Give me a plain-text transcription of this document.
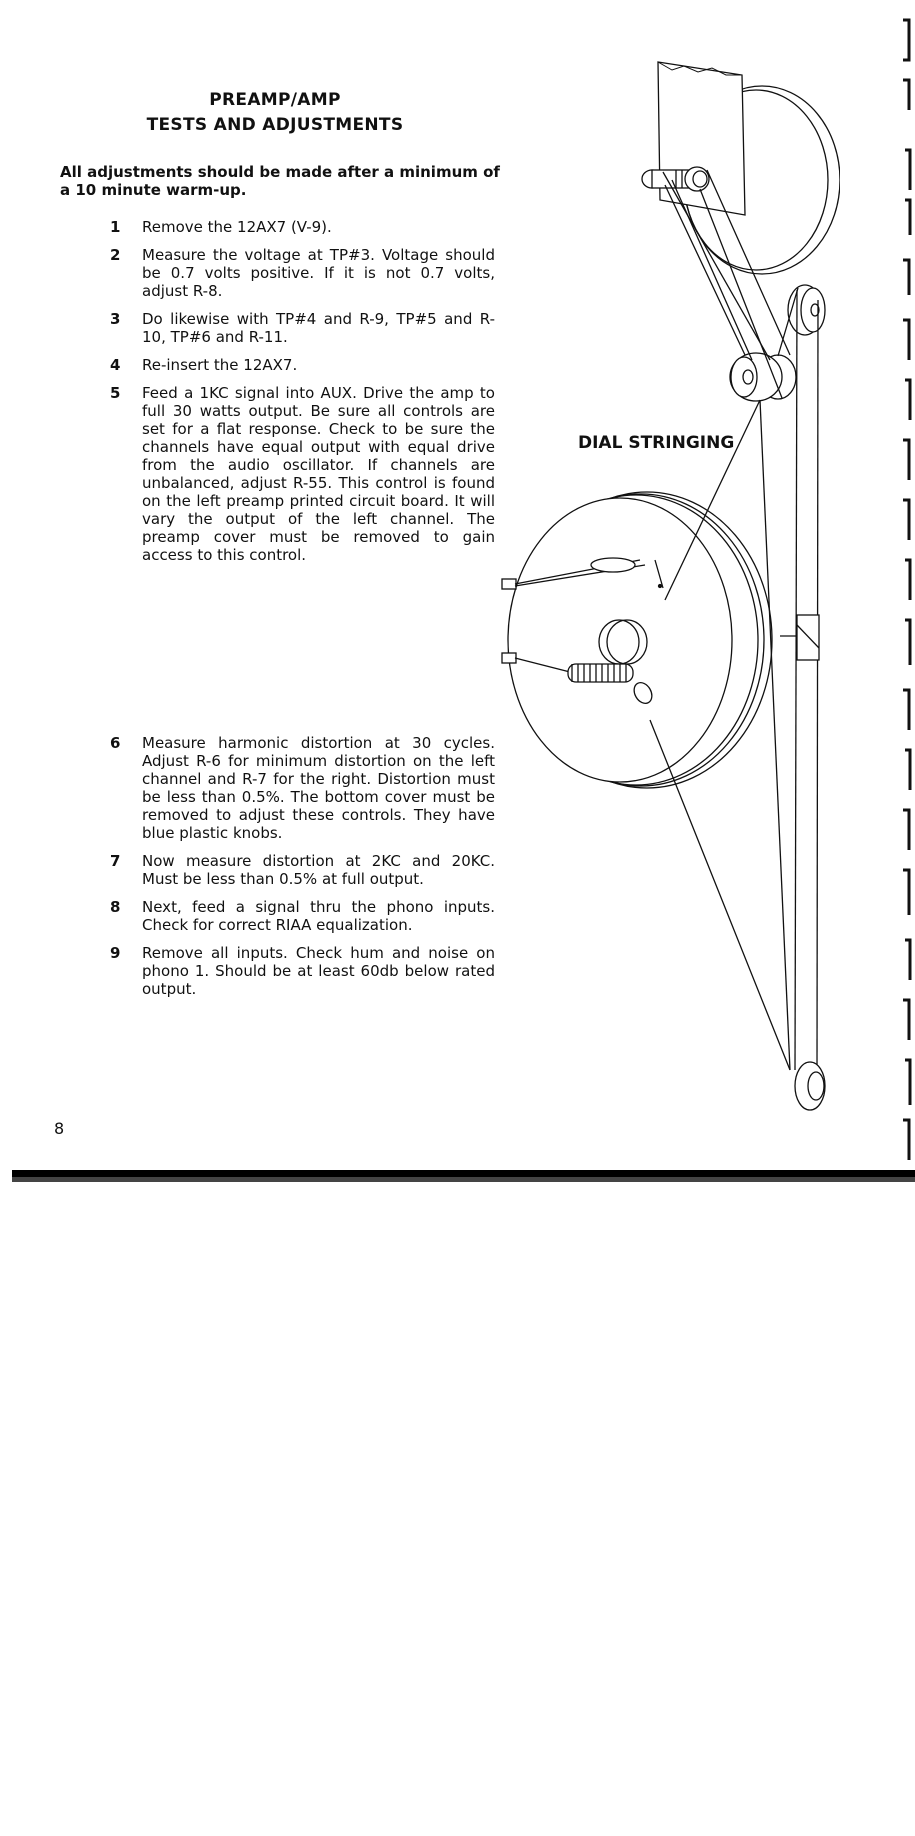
PREAMP/AMP
TESTS AND ADJUSTMENTS
All adjustments should be made after a minimum of a 10 minute warm-up.
1	Remove the 12AX7 (V-9).
2	Measure the voltage at TP#3. Voltage should be 0.7 volts positive. If it is not 0.7 volts, adjust R-8.
3	Do likewise with TP#4 and R-9, TP#5 and R-10, TP#6 and R-11.
4	Re-insert the 12AX7.
5	Feed a 1KC signal into AUX. Drive the amp to full 30 watts output. Be sure all controls are set for a flat response. Check to be sure the channels have equal output with equal drive from the audio oscillator. If channels are unbalanced, adjust R-55. This control is found on the left preamp printed circuit board. It will vary the output of the left channel. The preamp cover must be removed to gain access to this control.
6	Measure harmonic distortion at 30 cycles. Adjust R-6 for minimum distortion on the left channel and R-7 for the right. Distortion must be less than 0.5%. The bottom cover must be removed to adjust these controls. They have blue plastic knobs.
7	Now measure distortion at 2KC and 20KC. Must be less than 0.5% at full output.
8	Next, feed a signal thru the phono inputs. Check for correct RIAA equalization.
9	Remove all inputs. Check hum and noise on phono 1. Should be at least 60db below rated output.
DIAL STRINGING
8
